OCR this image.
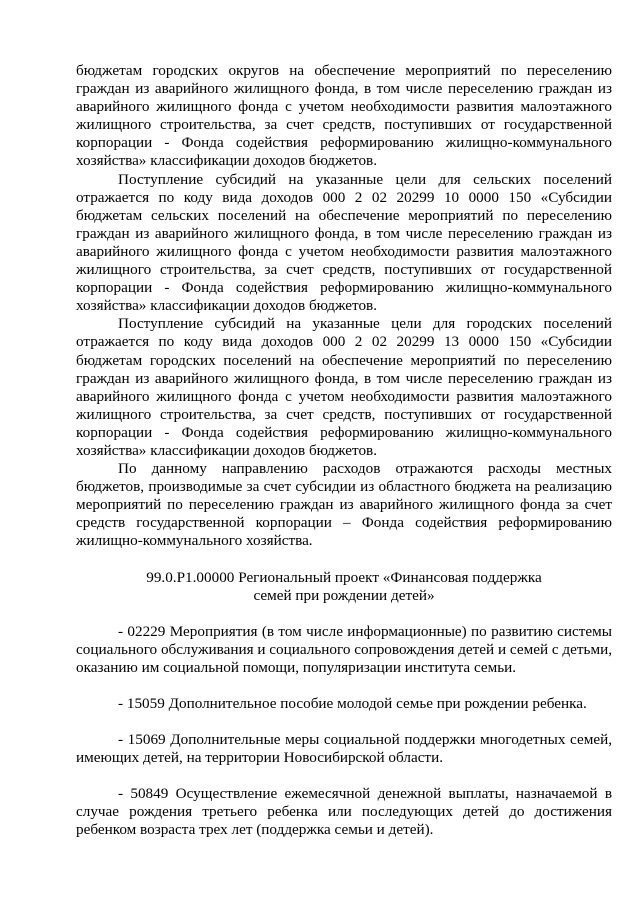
бюджетам городских округов на обеспечение мероприятий по переселению граждан из аварийного жилищного фонда, в том числе переселению граждан из аварийного жилищного фонда с учетом необходимости развития малоэтажного жилищного строительства, за счет средств, поступивших от государственной корпорации - Фонда содействия реформированию жилищно-коммунального хозяйства» классификации доходов бюджетов.

Поступление субсидий на указанные цели для сельских поселений отражается по коду вида доходов 000 2 02 20299 10 0000 150 «Субсидии бюджетам сельских поселений на обеспечение мероприятий по переселению граждан из аварийного жилищного фонда, в том числе переселению граждан из аварийного жилищного фонда с учетом необходимости развития малоэтажного жилищного строительства, за счет средств, поступивших от государственной корпорации - Фонда содействия реформированию жилищно-коммунального хозяйства» классификации доходов бюджетов.

Поступление субсидий на указанные цели для городских поселений отражается по коду вида доходов 000 2 02 20299 13 0000 150 «Субсидии бюджетам городских поселений на обеспечение мероприятий по переселению граждан из аварийного жилищного фонда, в том числе переселению граждан из аварийного жилищного фонда с учетом необходимости развития малоэтажного жилищного строительства, за счет средств, поступивших от государственной корпорации - Фонда содействия реформированию жилищно-коммунального хозяйства» классификации доходов бюджетов.

По данному направлению расходов отражаются расходы местных бюджетов, производимые за счет субсидии из областного бюджета на реализацию мероприятий по переселению граждан из аварийного жилищного фонда за счет средств государственной корпорации – Фонда содействия реформированию жилищно-коммунального хозяйства.

99.0.P1.00000 Региональный проект «Финансовая поддержка

семей при рождении детей»

- 02229 Мероприятия (в том числе информационные) по развитию системы социального обслуживания и социального сопровождения детей и семей с детьми, оказанию им социальной помощи, популяризации института семьи.

- 15059 Дополнительное пособие молодой семье при рождении ребенка.

- 15069 Дополнительные меры социальной поддержки многодетных семей, имеющих детей, на территории Новосибирской области.

- 50849 Осуществление ежемесячной денежной выплаты, назначаемой в случае рождения третьего ребенка или последующих детей до достижения ребенком возраста трех лет (поддержка семьи и детей).
